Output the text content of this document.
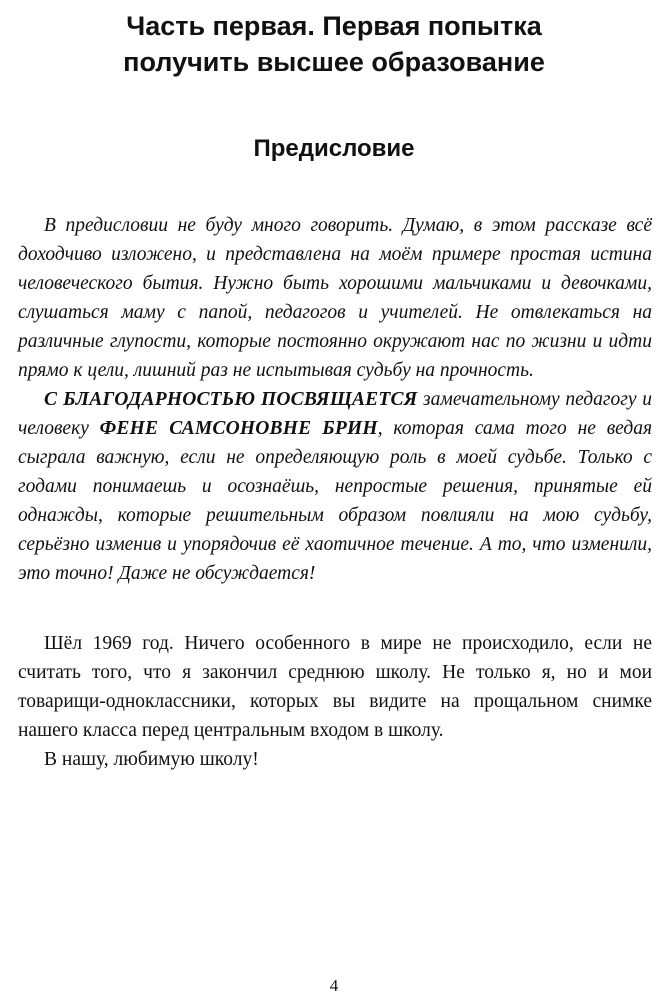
Часть первая. Первая попытка
получить высшее образование
Предисловие

В предисловии не буду много говорить. Думаю, в этом рассказе всё доходчиво изложено, и представлена на моём примере простая истина человеческого бытия. Нужно быть хорошими мальчиками и девочками, слушаться маму с папой, педагогов и учителей. Не отвлекаться на различные глупости, которые постоянно окружают нас по жизни и идти прямо к цели, лишний раз не испытывая судьбу на прочность.

С БЛАГОДАРНОСТЬЮ ПОСВЯЩАЕТСЯ замечательному педагогу и человеку ФЕНЕ САМСОНОВНЕ БРИН, которая сама того не ведая сыграла важную, если не определяющую роль в моей судьбе. Только с годами понимаешь и осознаёшь, непростые решения, принятые ей однажды, которые решительным образом повлияли на мою судьбу, серьёзно изменив и упорядочив её хаотичное течение. А то, что изменили, это точно! Даже не обсуждается!

Шёл 1969 год. Ничего особенного в мире не происходило, если не считать того, что я закончил среднюю школу. Не только я, но и мои товарищи-одноклассники, которых вы видите на прощальном снимке нашего класса перед центральным входом в школу.

В нашу, любимую школу!

4
